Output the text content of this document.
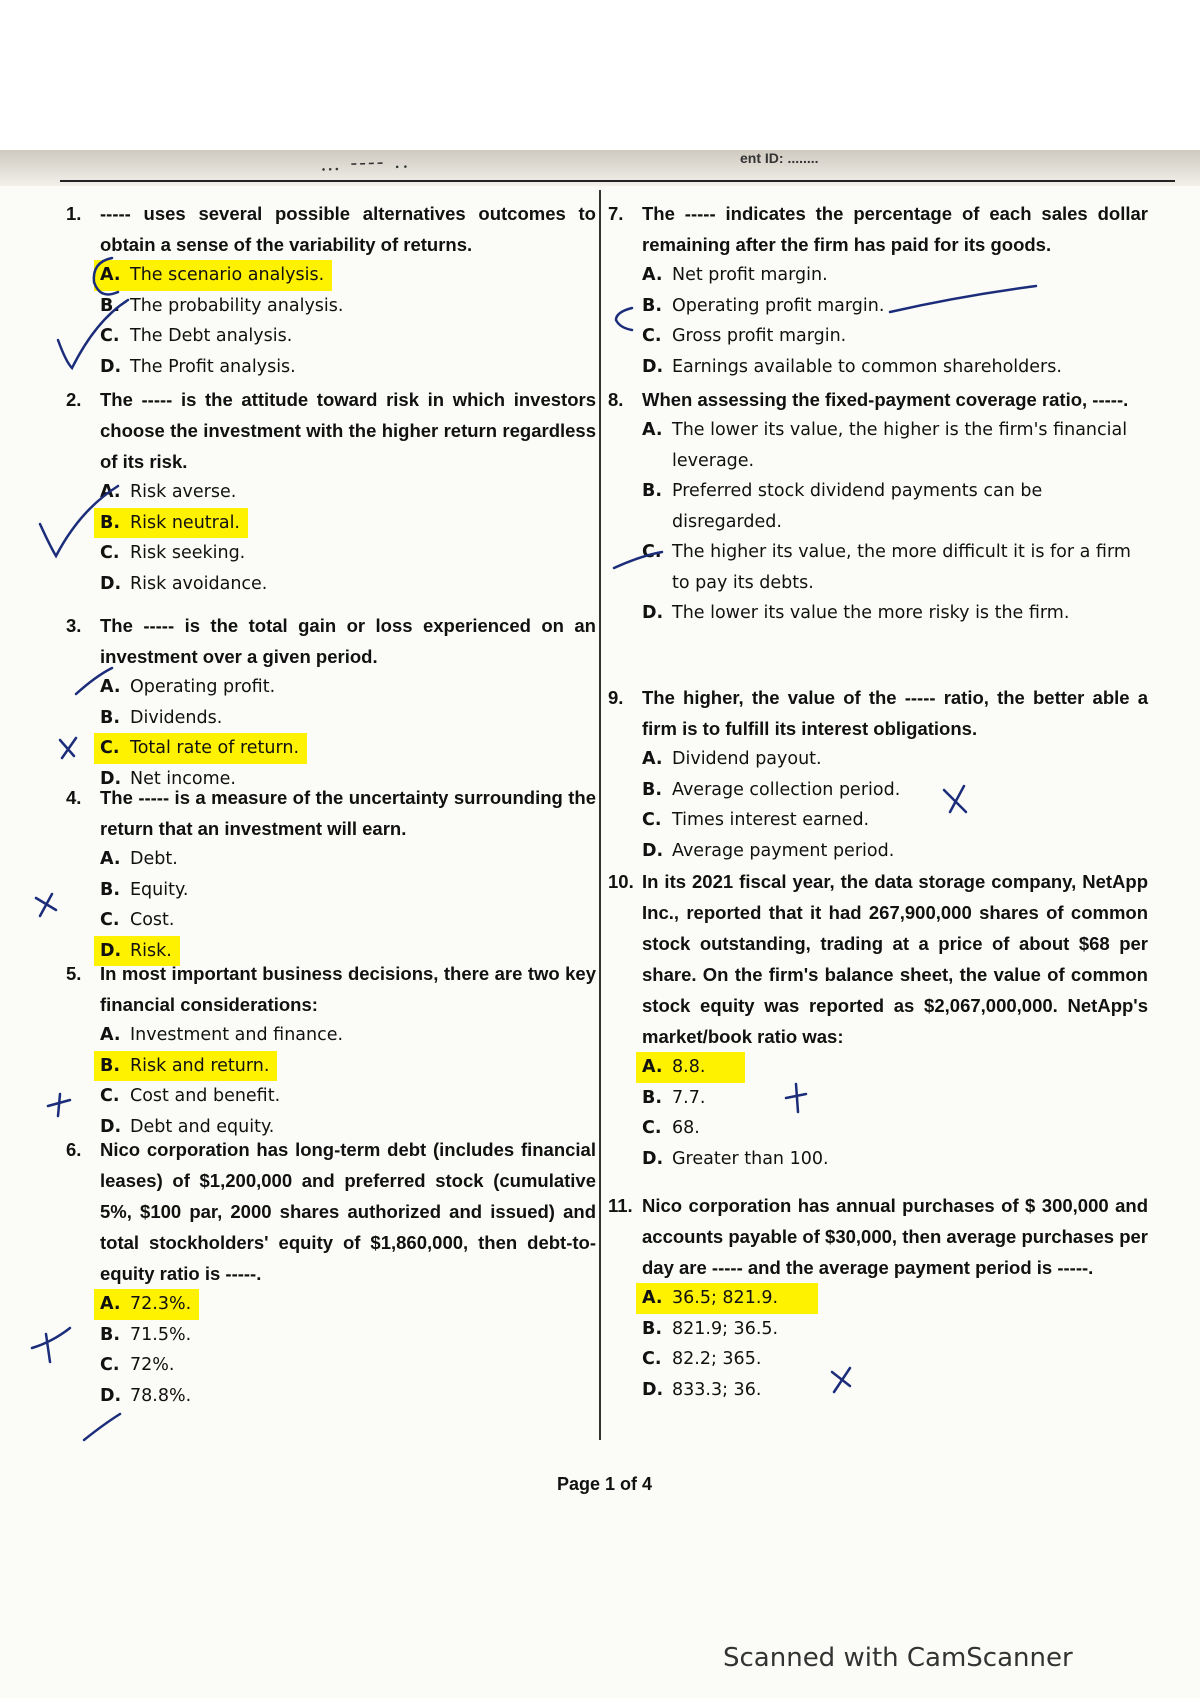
… ---- ..	ent ID: ........
1. ----- uses several possible alternatives outcomes to obtain a sense of the variability of returns.
A. The scenario analysis.
B. The probability analysis.
C. The Debt analysis.
D. The Profit analysis.
2. The ----- is the attitude toward risk in which investors choose the investment with the higher return regardless of its risk.
A. Risk averse.
B. Risk neutral.
C. Risk seeking.
D. Risk avoidance.
3. The ----- is the total gain or loss experienced on an investment over a given period.
A. Operating profit.
B. Dividends.
C. Total rate of return.
D. Net income.
4. The ----- is a measure of the uncertainty surrounding the return that an investment will earn.
A. Debt.
B. Equity.
C. Cost.
D. Risk.
5. In most important business decisions, there are two key financial considerations:
A. Investment and finance.
B. Risk and return.
C. Cost and benefit.
D. Debt and equity.
6. Nico corporation has long-term debt (includes financial leases) of $1,200,000 and preferred stock (cumulative 5%, $100 par, 2000 shares authorized and issued) and total stockholders' equity of $1,860,000, then debt-to-equity ratio is -----.
A. 72.3%.
B. 71.5%.
C. 72%.
D. 78.8%.
7. The ----- indicates the percentage of each sales dollar remaining after the firm has paid for its goods.
A. Net profit margin.
B. Operating profit margin.
C. Gross profit margin.
D. Earnings available to common shareholders.
8. When assessing the fixed-payment coverage ratio, -----.
A. The lower its value, the higher is the firm's financial leverage.
B. Preferred stock dividend payments can be disregarded.
C. The higher its value, the more difficult it is for a firm to pay its debts.
D. The lower its value the more risky is the firm.
9. The higher, the value of the ----- ratio, the better able a firm is to fulfill its interest obligations.
A. Dividend payout.
B. Average collection period.
C. Times interest earned.
D. Average payment period.
10. In its 2021 fiscal year, the data storage company, NetApp Inc., reported that it had 267,900,000 shares of common stock outstanding, trading at a price of about $68 per share. On the firm's balance sheet, the value of common stock equity was reported as $2,067,000,000. NetApp's market/book ratio was:
A. 8.8.
B. 7.7.
C. 68.
D. Greater than 100.
11. Nico corporation has annual purchases of $ 300,000 and accounts payable of $30,000, then average purchases per day are ----- and the average payment period is -----.
A. 36.5; 821.9.
B. 821.9; 36.5.
C. 82.2; 365.
D. 833.3; 36.
Page 1 of 4
Scanned with CamScanner
